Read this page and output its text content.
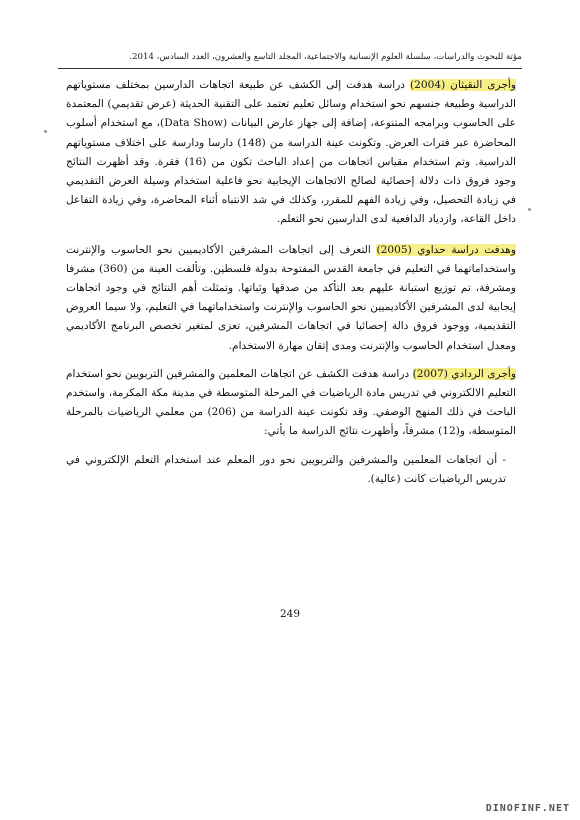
مؤتة للبحوث والدراسات، سلسلة العلوم الإنسانية والاجتماعية، المجلد التاسع والعشرون، العدد السادس، 2014.

وأجرى النقيثان (2004) دراسة هدفت إلى الكشف عن طبيعة اتجاهات الدارسين بمختلف مستوياتهم الدراسية وطبيعة جنسهم نحو استخدام وسائل تعليم تعتمد على التقنية الحديثة (عرض تقديمي) المعتمدة على الحاسوب وبرامجه المتنوعة، إضافة إلى جهاز عارض البيانات (Data Show)، مع استخدام أسلوب المحاضرة عبر فترات العرض. وتكونت عينة الدراسة من (148) دارسا ودارسة على اختلاف مستوياتهم الدراسية. وتم استخدام مقياس اتجاهات من إعداد الباحث تكون من (16) فقرة. وقد أظهرت النتائج وجود فروق ذات دلالة إحصائية لصالح الاتجاهات الإيجابية نحو فاعلية استخدام وسيلة العرض التقديمي في زيادة التحصيل، وفي زيادة الفهم للمقرر، وكذلك في شد الانتباه أثناء المحاضرة، وفي زيادة التفاعل داخل القاعة، وازدياد الدافعية لدى الدارسين نحو التعلم.

وهدفت دراسة حداوي (2005) التعرف إلى اتجاهات المشرفين الأكاديميين نحو الحاسوب والإنترنت واستخداماتهما في التعليم في جامعة القدس المفتوحة بدولة فلسطين. وتألفت العينة من (360) مشرفا ومشرفة، تم توزيع استبانة عليهم بعد التأكد من صدقها وثباتها. وتمثلت أهم النتائج في وجود اتجاهات إيجابية لدى المشرفين الأكاديميين نحو الحاسوب والإنترنت واستخداماتهما في التعليم، ولا سيما العروض التقديمية، ووجود فروق دالة إحصائيا في اتجاهات المشرفين، تعزى لمتغير تخصص البرنامج الأكاديمي ومعدل استخدام الحاسوب والإنترنت ومدى إتقان مهارة الاستخدام.

وأجرى الردادي (2007) دراسة هدفت الكشف عن اتجاهات المعلمين والمشرفين التربويين نحو استخدام التعليم الالكتروني في تدريس مادة الرياضيات في المرحلة المتوسطة في مدينة مكة المكرمة، واستخدم الباحث في ذلك المنهج الوصفي. وقد تكونت عينة الدراسة من (206) من معلمي الرياضيات بالمرحلة المتوسطة، و(12) مشرفاً، وأظهرت نتائج الدراسة ما يأتي:

- أن اتجاهات المعلمين والمشرفين والتربويين نحو دور المعلم عند استخدام التعلم الإلكتروني في تدريس الرياضيات كانت (عالية).

249
DINOFINF.NET
